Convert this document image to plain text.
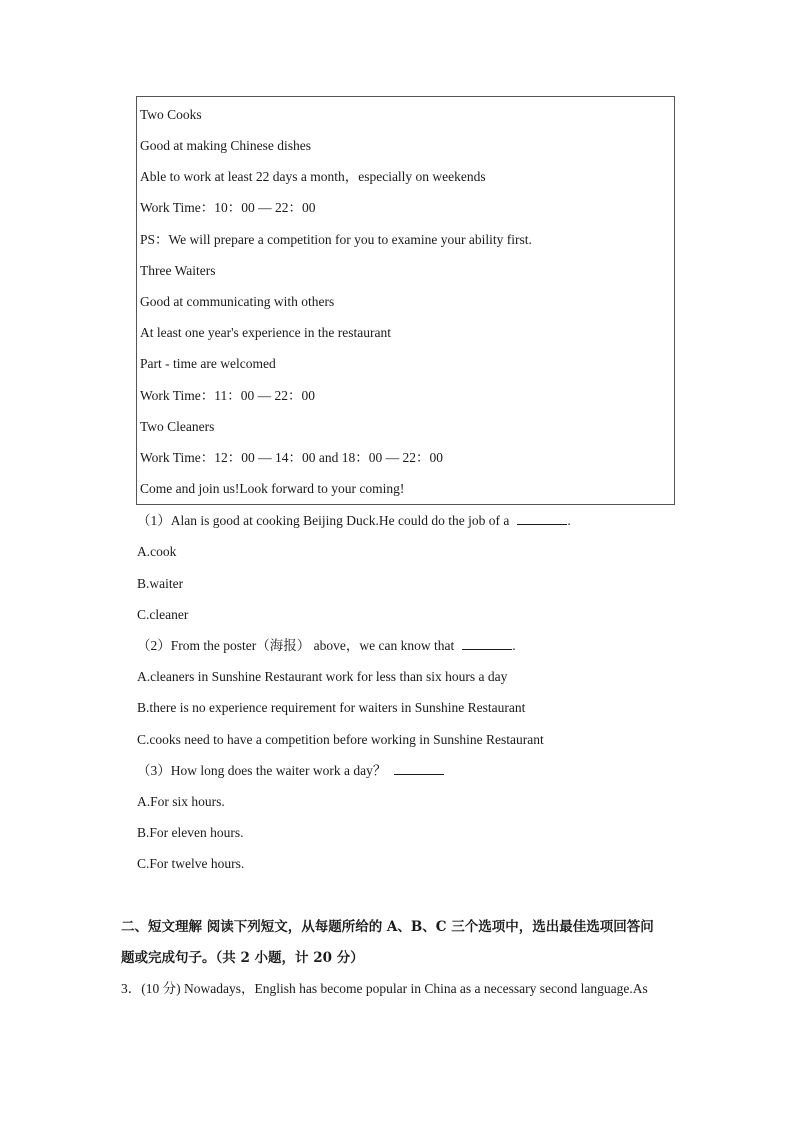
Two Cooks
Good at making Chinese dishes
Able to work at least 22 days a month，especially on weekends
Work Time：10：00 — 22：00
PS：We will prepare a competition for you to examine your ability first.
Three Waiters
Good at communicating with others
At least one year's experience in the restaurant
Part - time are welcomed
Work Time：11：00 — 22：00
Two Cleaners
Work Time：12：00 — 14：00 and 18：00 — 22：00
Come and join us!Look forward to your coming!
（1）Alan is good at cooking Beijing Duck.He could do the job of a	.
A.cook
B.waiter
C.cleaner
（2）From the poster（海报） above，we can know that	.
A.cleaners in Sunshine Restaurant work for less than six hours a day
B.there is no experience requirement for waiters in Sunshine Restaurant
C.cooks need to have a competition before working in Sunshine Restaurant
（3）How long does the waiter work a day？
A.For six hours.
B.For eleven hours.
C.For twelve hours.
二、短文理解 阅读下列短文，从每题所给的 A、B、C 三个选项中，选出最佳选项回答问
题或完成句子。（共 2 小题，计 20 分）
3．(10 分) Nowadays，English has become popular in China as a necessary second language.As
